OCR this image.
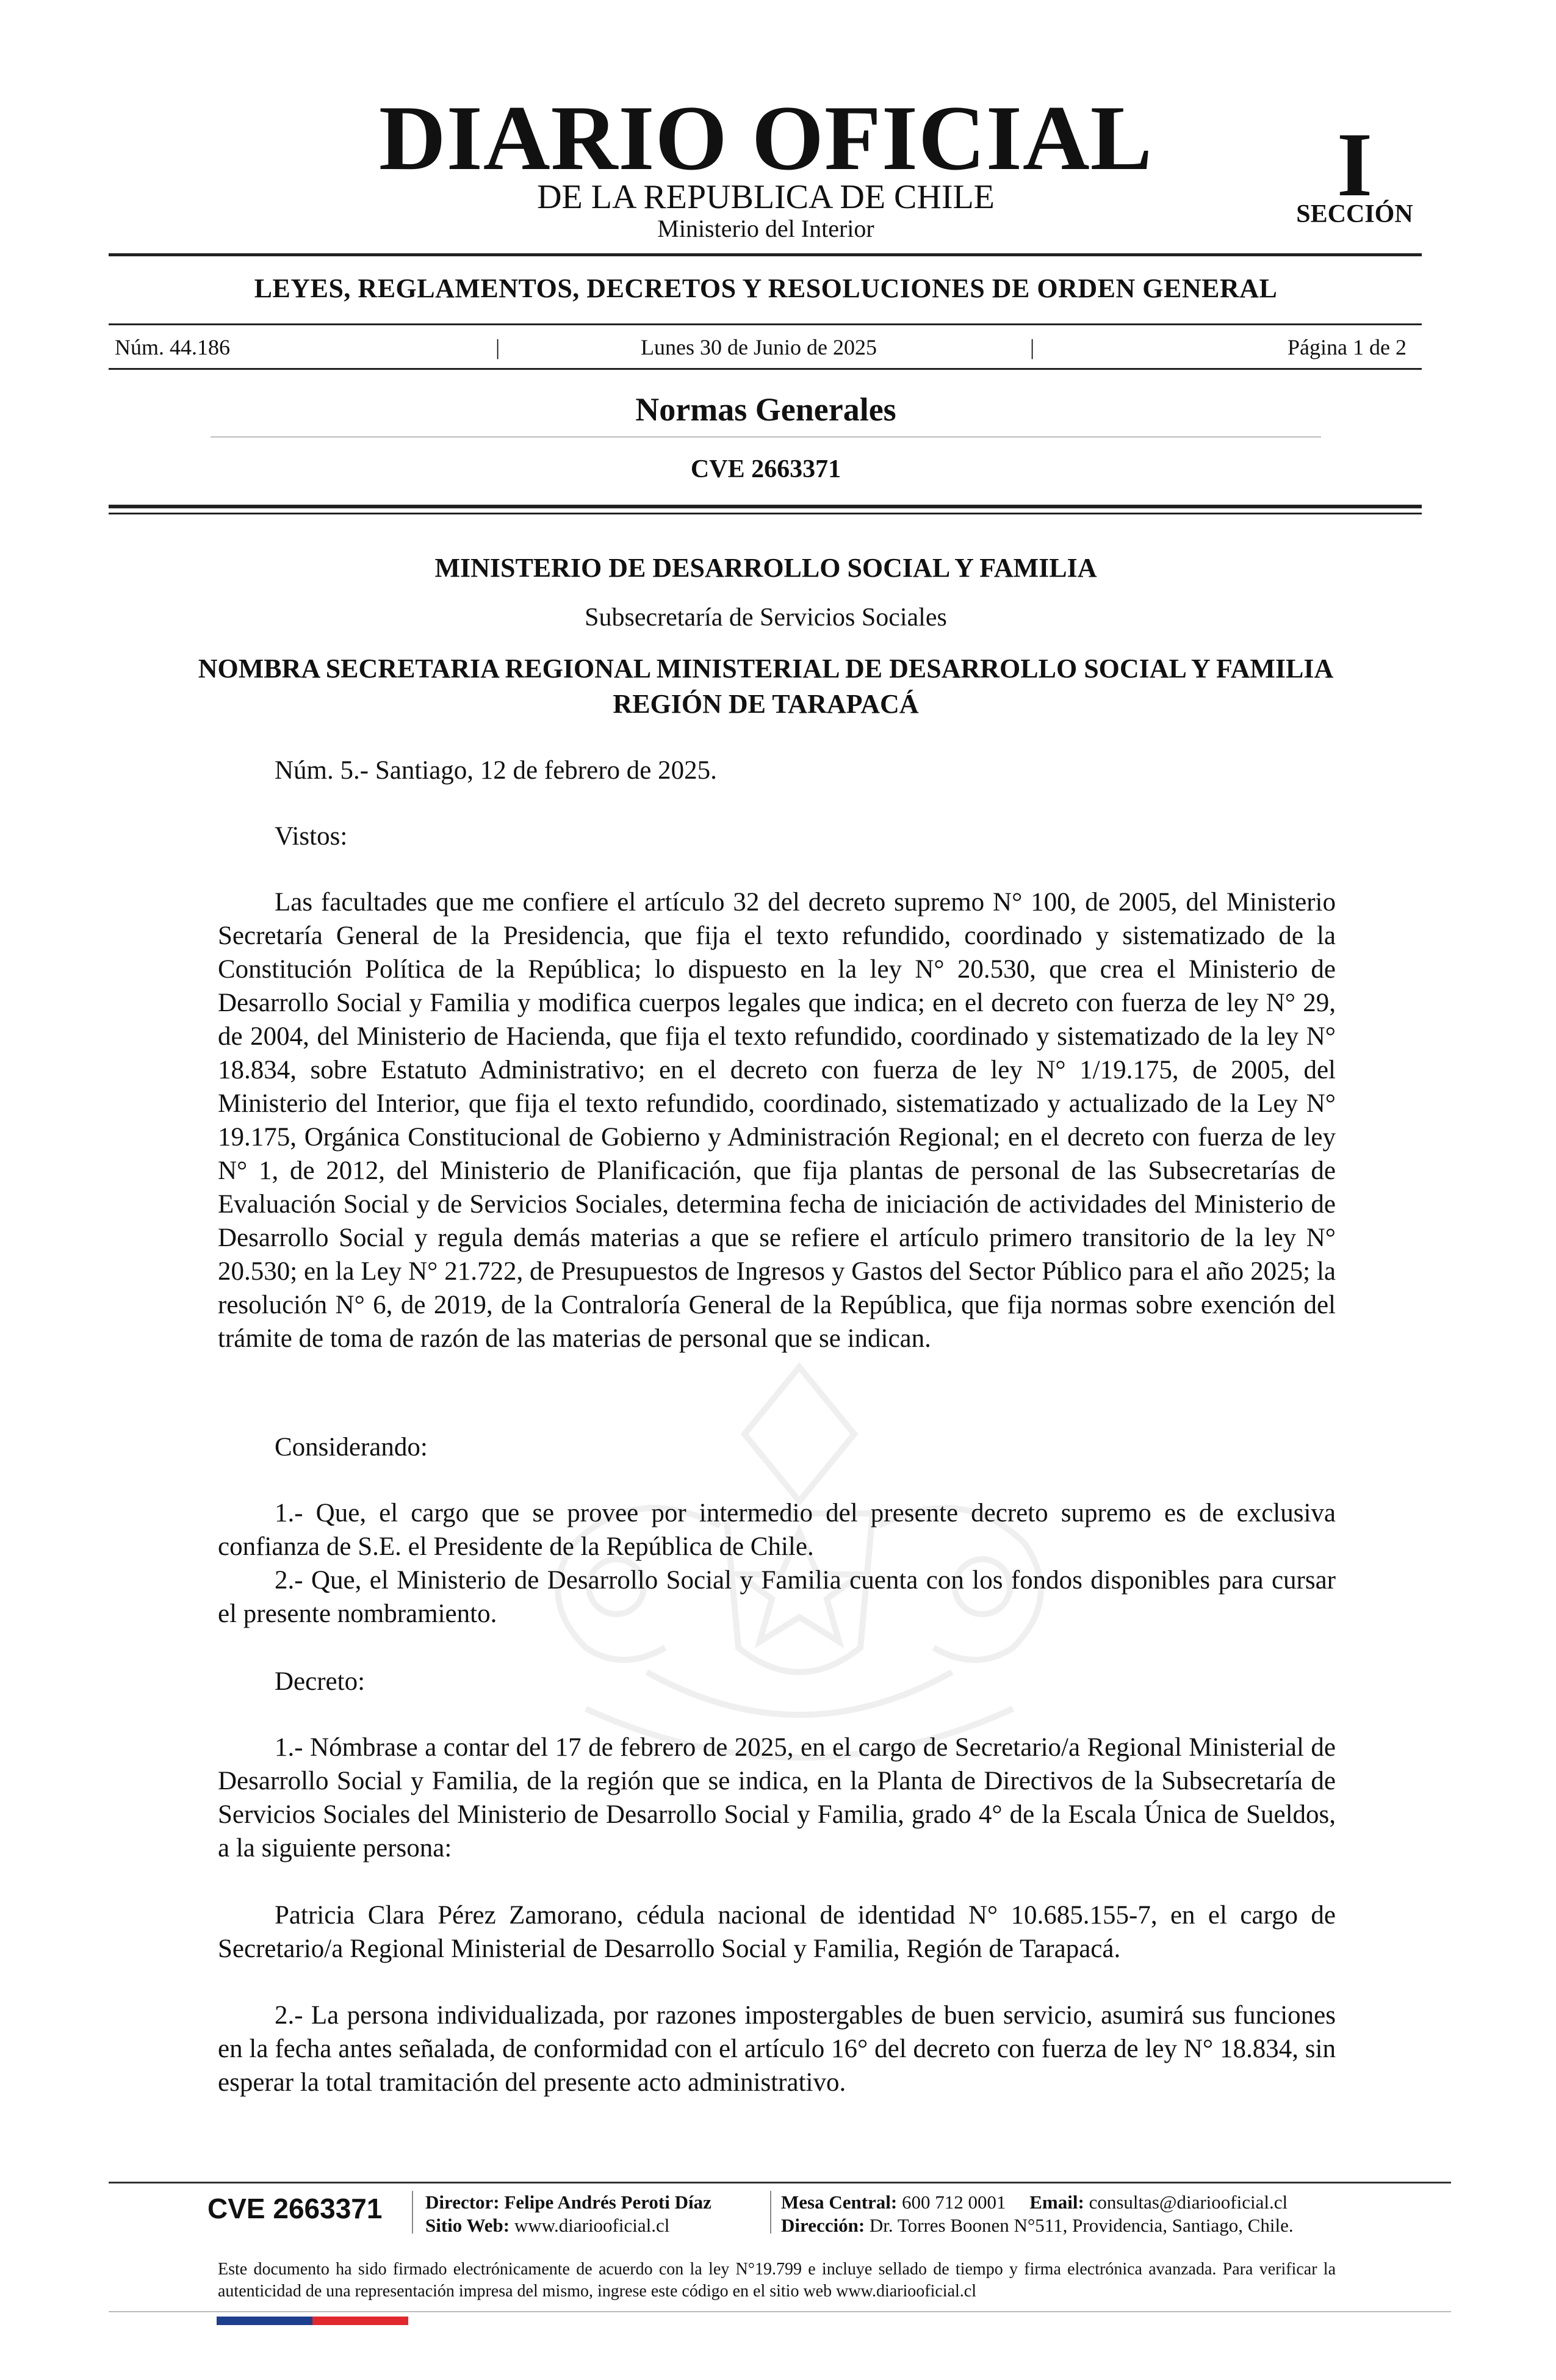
DIARIO OFICIAL
DE LA REPUBLICA DE CHILE
Ministerio del Interior
I
SECCIÓN
LEYES, REGLAMENTOS, DECRETOS Y RESOLUCIONES DE ORDEN GENERAL
Núm. 44.186	|	Lunes 30 de Junio de 2025	|	Página 1 de 2
Normas Generales
CVE 2663371
MINISTERIO DE DESARROLLO SOCIAL Y FAMILIA
Subsecretaría de Servicios Sociales
NOMBRA SECRETARIA REGIONAL MINISTERIAL DE DESARROLLO SOCIAL Y FAMILIA REGIÓN DE TARAPACÁ
Núm. 5.- Santiago, 12 de febrero de 2025.
Vistos:
Las facultades que me confiere el artículo 32 del decreto supremo N° 100, de 2005, del Ministerio Secretaría General de la Presidencia, que fija el texto refundido, coordinado y sistematizado de la Constitución Política de la República; lo dispuesto en la ley N° 20.530, que crea el Ministerio de Desarrollo Social y Familia y modifica cuerpos legales que indica; en el decreto con fuerza de ley N° 29, de 2004, del Ministerio de Hacienda, que fija el texto refundido, coordinado y sistematizado de la ley N° 18.834, sobre Estatuto Administrativo; en el decreto con fuerza de ley N° 1/19.175, de 2005, del Ministerio del Interior, que fija el texto refundido, coordinado, sistematizado y actualizado de la Ley N° 19.175, Orgánica Constitucional de Gobierno y Administración Regional; en el decreto con fuerza de ley N° 1, de 2012, del Ministerio de Planificación, que fija plantas de personal de las Subsecretarías de Evaluación Social y de Servicios Sociales, determina fecha de iniciación de actividades del Ministerio de Desarrollo Social y regula demás materias a que se refiere el artículo primero transitorio de la ley N° 20.530; en la Ley N° 21.722, de Presupuestos de Ingresos y Gastos del Sector Público para el año 2025; la resolución N° 6, de 2019, de la Contraloría General de la República, que fija normas sobre exención del trámite de toma de razón de las materias de personal que se indican.
Considerando:
1.- Que, el cargo que se provee por intermedio del presente decreto supremo es de exclusiva confianza de S.E. el Presidente de la República de Chile.
2.- Que, el Ministerio de Desarrollo Social y Familia cuenta con los fondos disponibles para cursar el presente nombramiento.
Decreto:
1.- Nómbrase a contar del 17 de febrero de 2025, en el cargo de Secretario/a Regional Ministerial de Desarrollo Social y Familia, de la región que se indica, en la Planta de Directivos de la Subsecretaría de Servicios Sociales del Ministerio de Desarrollo Social y Familia, grado 4° de la Escala Única de Sueldos, a la siguiente persona:
Patricia Clara Pérez Zamorano, cédula nacional de identidad N° 10.685.155-7, en el cargo de Secretario/a Regional Ministerial de Desarrollo Social y Familia, Región de Tarapacá.
2.- La persona individualizada, por razones impostergables de buen servicio, asumirá sus funciones en la fecha antes señalada, de conformidad con el artículo 16° del decreto con fuerza de ley N° 18.834, sin esperar la total tramitación del presente acto administrativo.
CVE 2663371 Director: Felipe Andrés Peroti Díaz
Sitio Web: www.diariooficial.cl
Mesa Central: 600 712 0001 Email: consultas@diariooficial.cl
Dirección: Dr. Torres Boonen N°511, Providencia, Santiago, Chile.
Este documento ha sido firmado electrónicamente de acuerdo con la ley N°19.799 e incluye sellado de tiempo y firma electrónica avanzada. Para verificar la autenticidad de una representación impresa del mismo, ingrese este código en el sitio web www.diariooficial.cl
